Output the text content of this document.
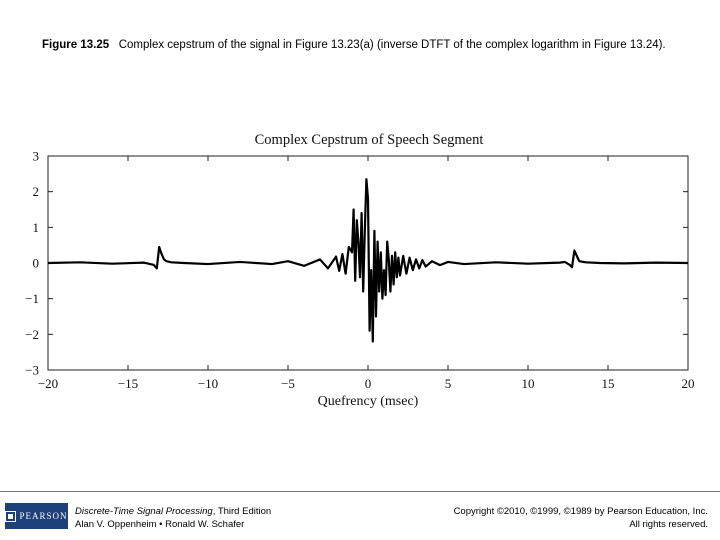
Figure 13.25 Complex cepstrum of the signal in Figure 13.23(a) (inverse DTFT of the complex logarithm in Figure 13.24).
Complex Cepstrum of Speech Segment
−20	−15	−10	−5	0	5	10	15	20
3
2
1
0
−1
−2
−3
Quefrency (msec)
PEARSON Discrete-Time Signal Processing, Third Edition
Alan V. Oppenheim • Ronald W. Schafer
Copyright ©2010, ©1999, ©1989 by Pearson Education, Inc.
All rights reserved.
